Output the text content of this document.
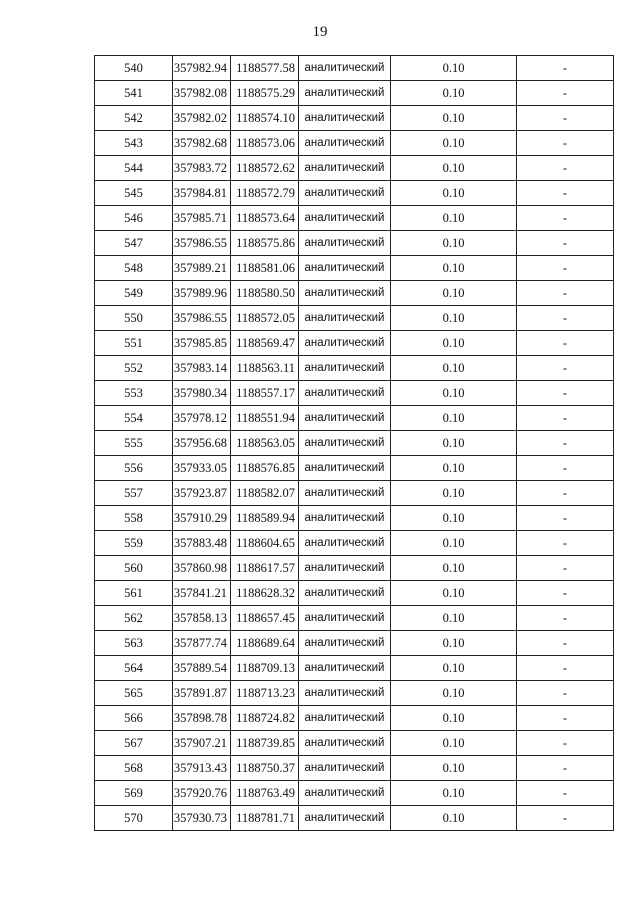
19
540	357982.94	1188577.58	аналитический	0.10	-
541	357982.08	1188575.29	аналитический	0.10	-
542	357982.02	1188574.10	аналитический	0.10	-
543	357982.68	1188573.06	аналитический	0.10	-
544	357983.72	1188572.62	аналитический	0.10	-
545	357984.81	1188572.79	аналитический	0.10	-
546	357985.71	1188573.64	аналитический	0.10	-
547	357986.55	1188575.86	аналитический	0.10	-
548	357989.21	1188581.06	аналитический	0.10	-
549	357989.96	1188580.50	аналитический	0.10	-
550	357986.55	1188572.05	аналитический	0.10	-
551	357985.85	1188569.47	аналитический	0.10	-
552	357983.14	1188563.11	аналитический	0.10	-
553	357980.34	1188557.17	аналитический	0.10	-
554	357978.12	1188551.94	аналитический	0.10	-
555	357956.68	1188563.05	аналитический	0.10	-
556	357933.05	1188576.85	аналитический	0.10	-
557	357923.87	1188582.07	аналитический	0.10	-
558	357910.29	1188589.94	аналитический	0.10	-
559	357883.48	1188604.65	аналитический	0.10	-
560	357860.98	1188617.57	аналитический	0.10	-
561	357841.21	1188628.32	аналитический	0.10	-
562	357858.13	1188657.45	аналитический	0.10	-
563	357877.74	1188689.64	аналитический	0.10	-
564	357889.54	1188709.13	аналитический	0.10	-
565	357891.87	1188713.23	аналитический	0.10	-
566	357898.78	1188724.82	аналитический	0.10	-
567	357907.21	1188739.85	аналитический	0.10	-
568	357913.43	1188750.37	аналитический	0.10	-
569	357920.76	1188763.49	аналитический	0.10	-
570	357930.73	1188781.71	аналитический	0.10	-
